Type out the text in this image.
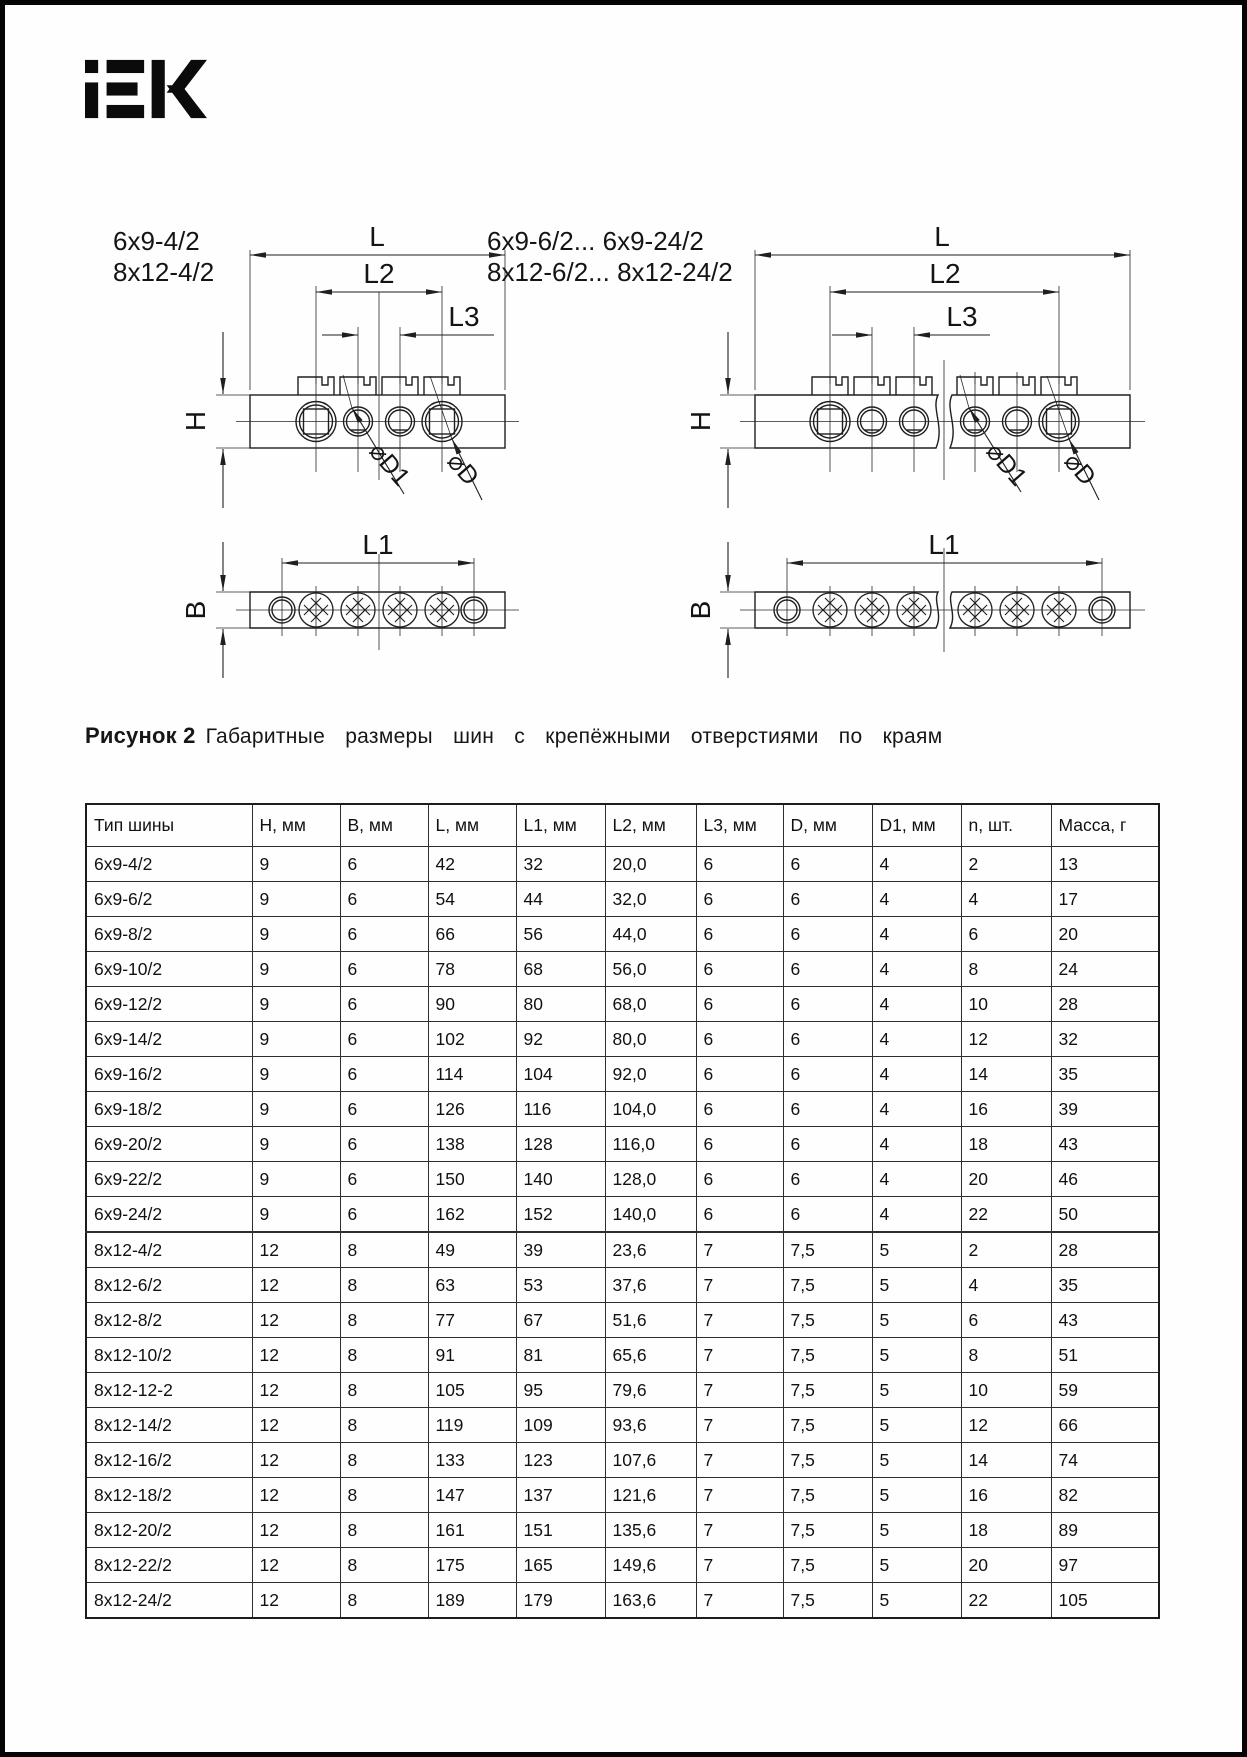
6x9-4/2
8x12-4/2
L
L2
L3
H
B
L1
⌀D1 ⌀D
6x9-6/2... 6x9-24/2
8x12-6/2... 8x12-24/2
L
L2
L3
H
B
L1
⌀D1 ⌀D
Рисунок 2 Габаритные размеры шин с крепёжными отверстиями по краям
Тип шины	H, мм	B, мм	L, мм	L1, мм	L2, мм	L3, мм	D, мм	D1, мм	n, шт.	Масса, г
6x9-4/2	9	6	42	32	20,0	6	6	4	2	13
6x9-6/2	9	6	54	44	32,0	6	6	4	4	17
6x9-8/2	9	6	66	56	44,0	6	6	4	6	20
6x9-10/2	9	6	78	68	56,0	6	6	4	8	24
6x9-12/2	9	6	90	80	68,0	6	6	4	10	28
6x9-14/2	9	6	102	92	80,0	6	6	4	12	32
6x9-16/2	9	6	114	104	92,0	6	6	4	14	35
6x9-18/2	9	6	126	116	104,0	6	6	4	16	39
6x9-20/2	9	6	138	128	116,0	6	6	4	18	43
6x9-22/2	9	6	150	140	128,0	6	6	4	20	46
6x9-24/2	9	6	162	152	140,0	6	6	4	22	50
8x12-4/2	12	8	49	39	23,6	7	7,5	5	2	28
8x12-6/2	12	8	63	53	37,6	7	7,5	5	4	35
8x12-8/2	12	8	77	67	51,6	7	7,5	5	6	43
8x12-10/2	12	8	91	81	65,6	7	7,5	5	8	51
8x12-12-2	12	8	105	95	79,6	7	7,5	5	10	59
8x12-14/2	12	8	119	109	93,6	7	7,5	5	12	66
8x12-16/2	12	8	133	123	107,6	7	7,5	5	14	74
8x12-18/2	12	8	147	137	121,6	7	7,5	5	16	82
8x12-20/2	12	8	161	151	135,6	7	7,5	5	18	89
8x12-22/2	12	8	175	165	149,6	7	7,5	5	20	97
8x12-24/2	12	8	189	179	163,6	7	7,5	5	22	105
